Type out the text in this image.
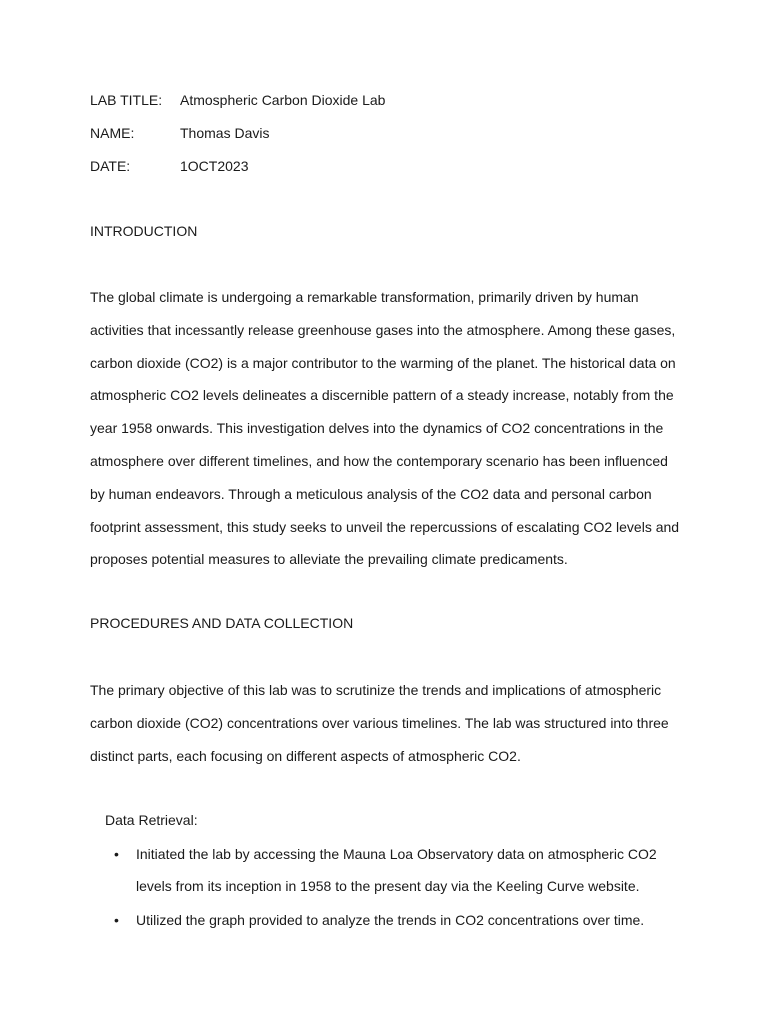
LAB TITLE: Atmospheric Carbon Dioxide Lab
NAME:	Thomas Davis
DATE:	1OCT2023
INTRODUCTION

The global climate is undergoing a remarkable transformation, primarily driven by human activities that incessantly release greenhouse gases into the atmosphere. Among these gases, carbon dioxide (CO2) is a major contributor to the warming of the planet. The historical data on atmospheric CO2 levels delineates a discernible pattern of a steady increase, notably from the year 1958 onwards. This investigation delves into the dynamics of CO2 concentrations in the atmosphere over different timelines, and how the contemporary scenario has been influenced by human endeavors. Through a meticulous analysis of the CO2 data and personal carbon footprint assessment, this study seeks to unveil the repercussions of escalating CO2 levels and proposes potential measures to alleviate the prevailing climate predicaments.

PROCEDURES AND DATA COLLECTION

The primary objective of this lab was to scrutinize the trends and implications of atmospheric carbon dioxide (CO2) concentrations over various timelines. The lab was structured into three distinct parts, each focusing on different aspects of atmospheric CO2.

Data Retrieval:
• Initiated the lab by accessing the Mauna Loa Observatory data on atmospheric CO2 levels from its inception in 1958 to the present day via the Keeling Curve website.
• Utilized the graph provided to analyze the trends in CO2 concentrations over time.
